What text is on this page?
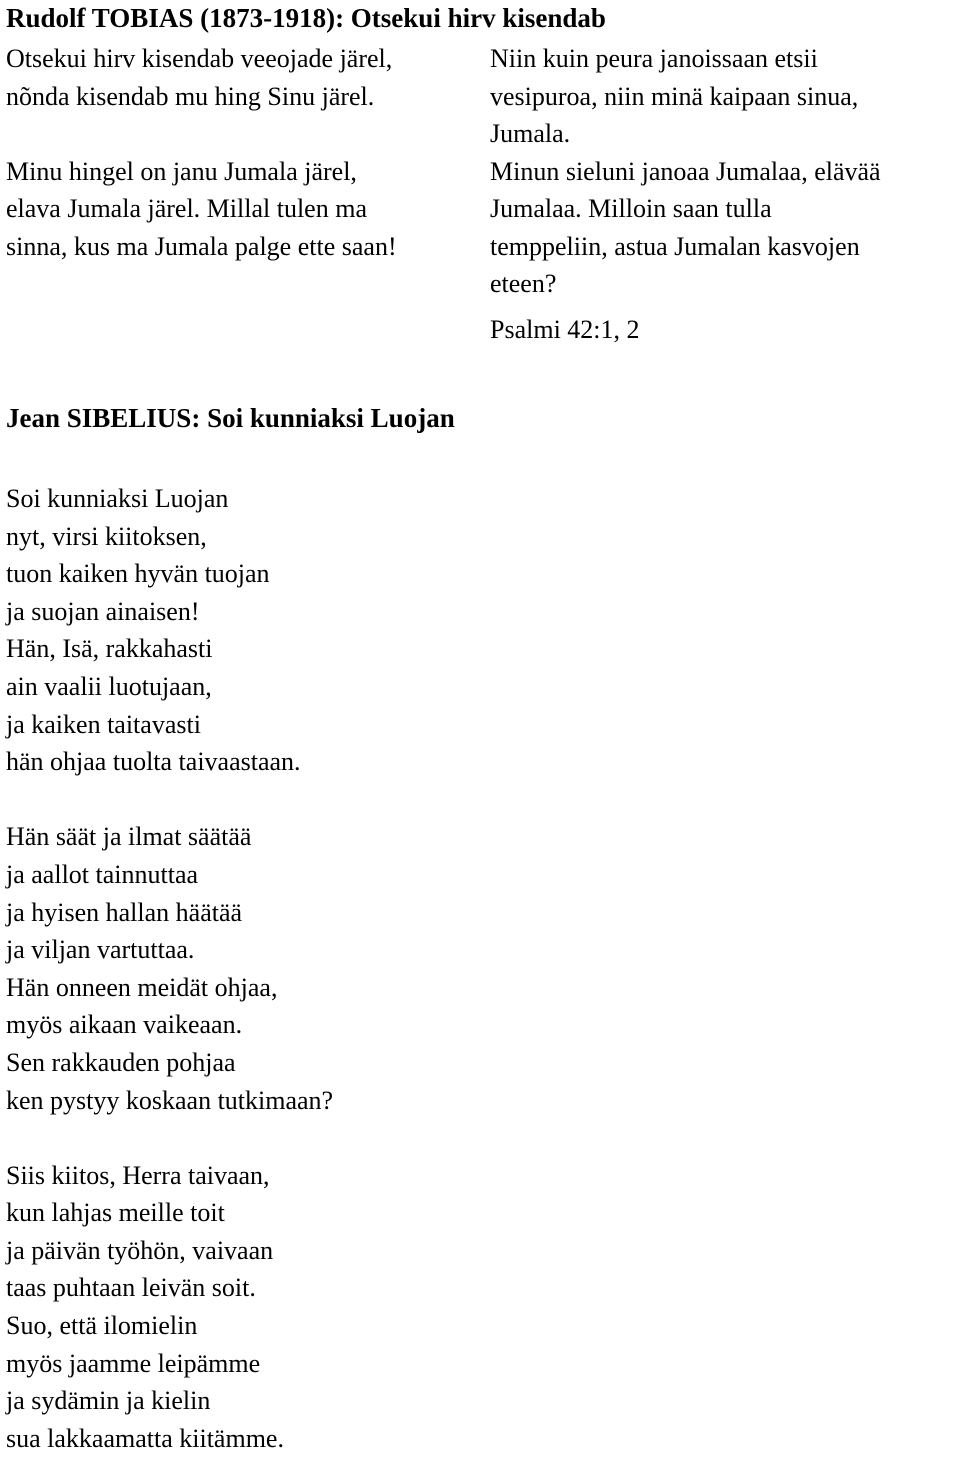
Rudolf TOBIAS (1873-1918): Otsekui hirv kisendab

Otsekui hirv kisendab veeojade järel,
nõnda kisendab mu hing Sinu järel.

Minu hingel on janu Jumala järel,
elava Jumala järel. Millal tulen ma
sinna, kus ma Jumala palge ette saan!

Niin kuin peura janoissaan etsii
vesipuroa, niin minä kaipaan sinua,
Jumala.

Minun sieluni janoaa Jumalaa, elävää
Jumalaa. Milloin saan tulla
temppeliin, astua Jumalan kasvojen
eteen?

Psalmi 42:1, 2
Jean SIBELIUS: Soi kunniaksi Luojan

Soi kunniaksi Luojan
nyt, virsi kiitoksen,
tuon kaiken hyvän tuojan
ja suojan ainaisen!
Hän, Isä, rakkahasti
ain vaalii luotujaan,
ja kaiken taitavasti
hän ohjaa tuolta taivaastaan.

Hän säät ja ilmat säätää
ja aallot tainnuttaa
ja hyisen hallan häätää
ja viljan vartuttaa.
Hän onneen meidät ohjaa,
myös aikaan vaikeaan.
Sen rakkauden pohjaa
ken pystyy koskaan tutkimaan?

Siis kiitos, Herra taivaan,
kun lahjas meille toit
ja päivän työhön, vaivaan
taas puhtaan leivän soit.
Suo, että ilomielin
myös jaamme leipämme
ja sydämin ja kielin
sua lakkaamatta kiitämme.
